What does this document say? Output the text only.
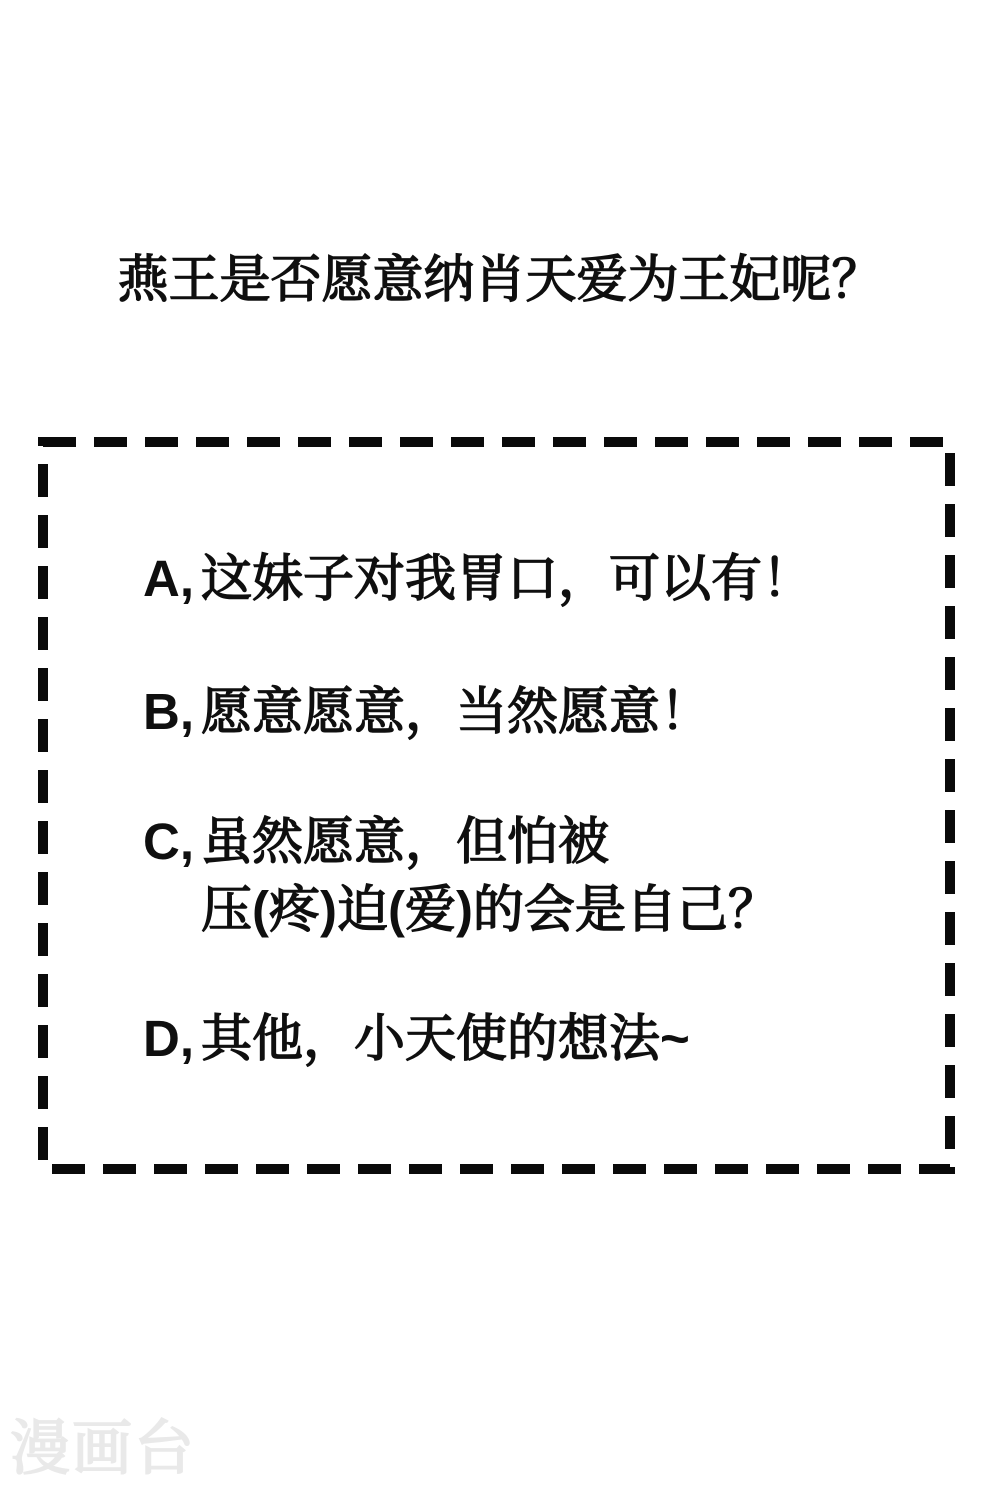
燕王是否愿意纳肖天爱为王妃呢？
A, 这妹子对我胃口，可以有！
B, 愿意愿意，当然愿意！
C, 虽然愿意，但怕被
压(疼)迫(爱)的会是自己？
D, 其他，小天使的想法~
漫画台
